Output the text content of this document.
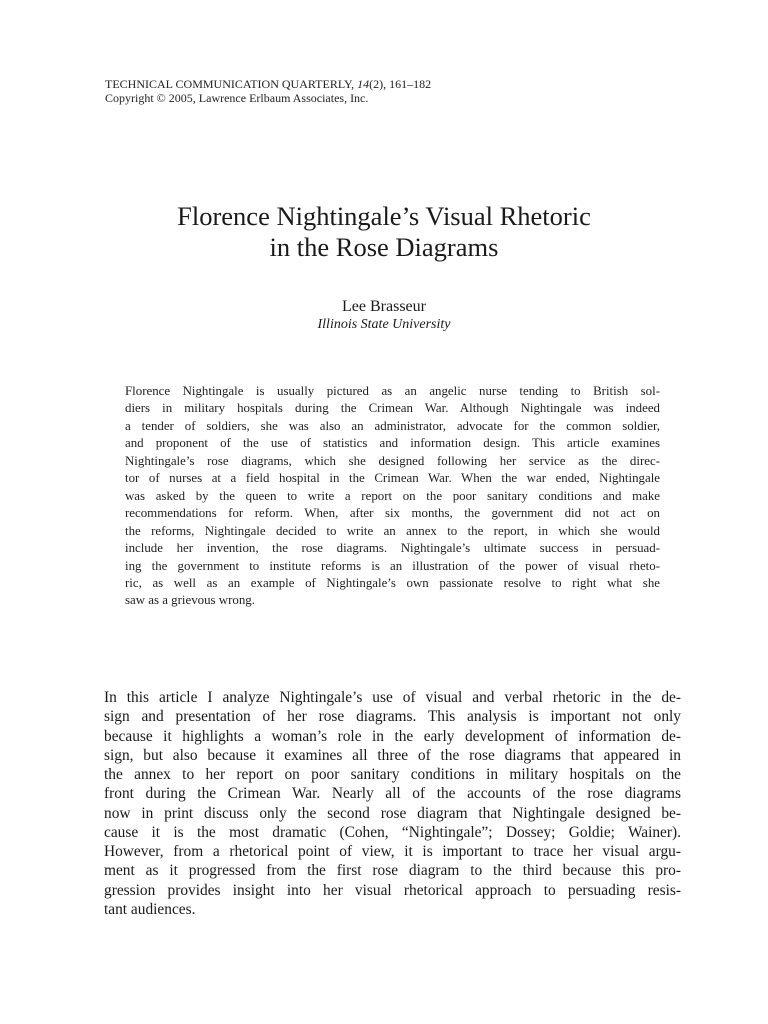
TECHNICAL COMMUNICATION QUARTERLY, 14(2), 161–182
Copyright © 2005, Lawrence Erlbaum Associates, Inc.
Florence Nightingale’s Visual Rhetoric
in the Rose Diagrams
Lee Brasseur
Illinois State University
Florence Nightingale is usually pictured as an angelic nurse tending to British sol-
diers in military hospitals during the Crimean War. Although Nightingale was indeed
a tender of soldiers, she was also an administrator, advocate for the common soldier,
and proponent of the use of statistics and information design. This article examines
Nightingale’s rose diagrams, which she designed following her service as the direc-
tor of nurses at a field hospital in the Crimean War. When the war ended, Nightingale
was asked by the queen to write a report on the poor sanitary conditions and make
recommendations for reform. When, after six months, the government did not act on
the reforms, Nightingale decided to write an annex to the report, in which she would
include her invention, the rose diagrams. Nightingale’s ultimate success in persuad-
ing the government to institute reforms is an illustration of the power of visual rheto-
ric, as well as an example of Nightingale’s own passionate resolve to right what she
saw as a grievous wrong.
In this article I analyze Nightingale’s use of visual and verbal rhetoric in the de-
sign and presentation of her rose diagrams. This analysis is important not only
because it highlights a woman’s role in the early development of information de-
sign, but also because it examines all three of the rose diagrams that appeared in
the annex to her report on poor sanitary conditions in military hospitals on the
front during the Crimean War. Nearly all of the accounts of the rose diagrams
now in print discuss only the second rose diagram that Nightingale designed be-
cause it is the most dramatic (Cohen, “Nightingale”; Dossey; Goldie; Wainer).
However, from a rhetorical point of view, it is important to trace her visual argu-
ment as it progressed from the first rose diagram to the third because this pro-
gression provides insight into her visual rhetorical approach to persuading resis-
tant audiences.
